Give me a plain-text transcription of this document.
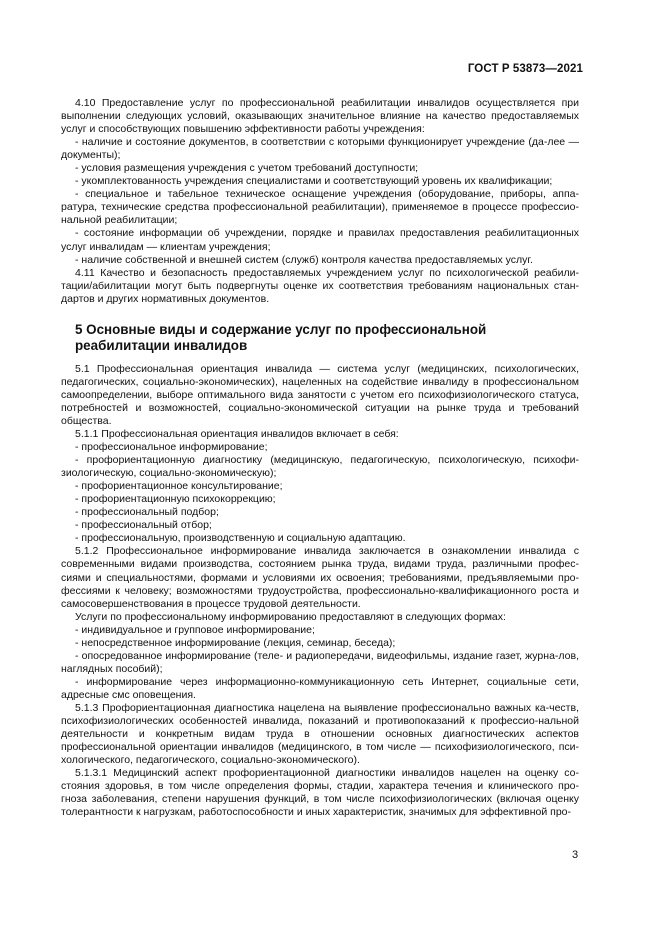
ГОСТ Р 53873—2021

4.10 Предоставление услуг по профессиональной реабилитации инвалидов осуществляется при выполнении следующих условий, оказывающих значительное влияние на качество предоставляемых услуг и способствующих повышению эффективности работы учреждения:

- наличие и состояние документов, в соответствии с которыми функционирует учреждение (да-лее — документы);

- условия размещения учреждения с учетом требований доступности;

- укомплектованность учреждения специалистами и соответствующий уровень их квалификации;

- специальное и табельное техническое оснащение учреждения (оборудование, приборы, аппа-ратура, технические средства профессиональной реабилитации), применяемое в процессе профессио-нальной реабилитации;

- состояние информации об учреждении, порядке и правилах предоставления реабилитационных услуг инвалидам — клиентам учреждения;

- наличие собственной и внешней систем (служб) контроля качества предоставляемых услуг.

4.11 Качество и безопасность предоставляемых учреждением услуг по психологической реабили-тации/абилитации могут быть подвергнуты оценке их соответствия требованиям национальных стан-дартов и других нормативных документов.

5 Основные виды и содержание услуг по профессиональной реабилитации инвалидов

5.1 Профессиональная ориентация инвалида — система услуг (медицинских, психологических, педагогических, социально-экономических), нацеленных на содействие инвалиду в профессиональном самоопределении, выборе оптимального вида занятости с учетом его психофизиологического статуса, потребностей и возможностей, социально-экономической ситуации на рынке труда и требований общества.

5.1.1 Профессиональная ориентация инвалидов включает в себя:

- профессиональное информирование;

- профориентационную диагностику (медицинскую, педагогическую, психологическую, психофи-зиологическую, социально-экономическую);

- профориентационное консультирование;

- профориентационную психокоррекцию;

- профессиональный подбор;

- профессиональный отбор;

- профессиональную, производственную и социальную адаптацию.

5.1.2 Профессиональное информирование инвалида заключается в ознакомлении инвалида с современными видами производства, состоянием рынка труда, видами труда, различными профес-сиями и специальностями, формами и условиями их освоения; требованиями, предъявляемыми про-фессиями к человеку; возможностями трудоустройства, профессионально-квалификационного роста и самосовершенствования в процессе трудовой деятельности.

Услуги по профессиональному информированию предоставляют в следующих формах:

- индивидуальное и групповое информирование;

- непосредственное информирование (лекция, семинар, беседа);

- опосредованное информирование (теле- и радиопередачи, видеофильмы, издание газет, журна-лов, наглядных пособий);

- информирование через информационно-коммуникационную сеть Интернет, социальные сети, адресные смс оповещения.

5.1.3 Профориентационная диагностика нацелена на выявление профессионально важных ка-честв, психофизиологических особенностей инвалида, показаний и противопоказаний к профессио-нальной деятельности и конкретным видам труда в отношении основных диагностических аспектов профессиональной ориентации инвалидов (медицинского, в том числе — психофизиологического, пси-хологического, педагогического, социально-экономического).

5.1.3.1 Медицинский аспект профориентационной диагностики инвалидов нацелен на оценку со-стояния здоровья, в том числе определения формы, стадии, характера течения и клинического про-гноза заболевания, степени нарушения функций, в том числе психофизиологических (включая оценку толерантности к нагрузкам, работоспособности и иных характеристик, значимых для эффективной про-

3
